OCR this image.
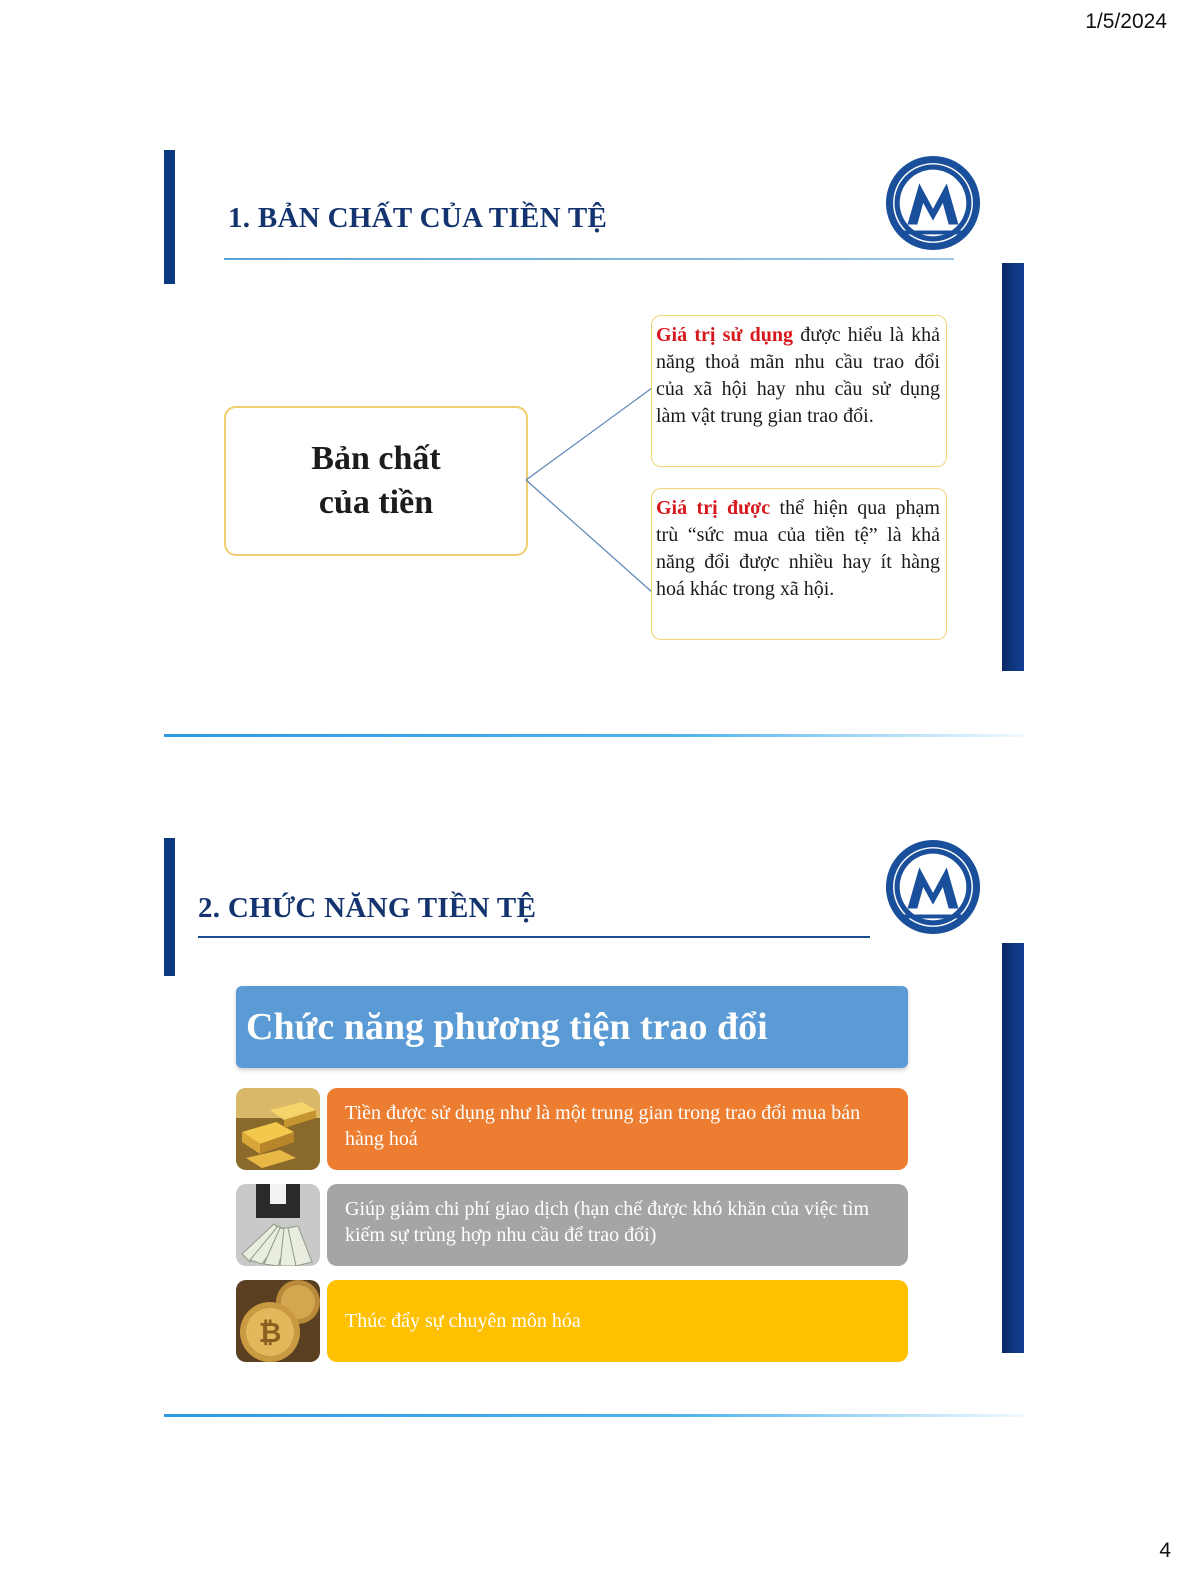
1/5/2024
1. BẢN CHẤT CỦA TIỀN TỆ
Bản chất
của tiền
Giá trị sử dụng được hiểu là khả năng thoả mãn nhu cầu trao đổi của xã hội hay nhu cầu sử dụng làm vật trung gian trao đổi.
Giá trị được thể hiện qua phạm trù “sức mua của tiền tệ” là khả năng đổi được nhiều hay ít hàng hoá khác trong xã hội.
2. CHỨC NĂNG TIỀN TỆ
Chức năng phương tiện trao đổi
Tiền được sử dụng như là một trung gian trong trao đổi mua bán hàng hoá
Giúp giảm chi phí giao dịch (hạn chế được khó khăn của việc tìm kiếm sự trùng hợp nhu cầu để trao đổi)
₿	Thúc đẩy sự chuyên môn hóa
4
